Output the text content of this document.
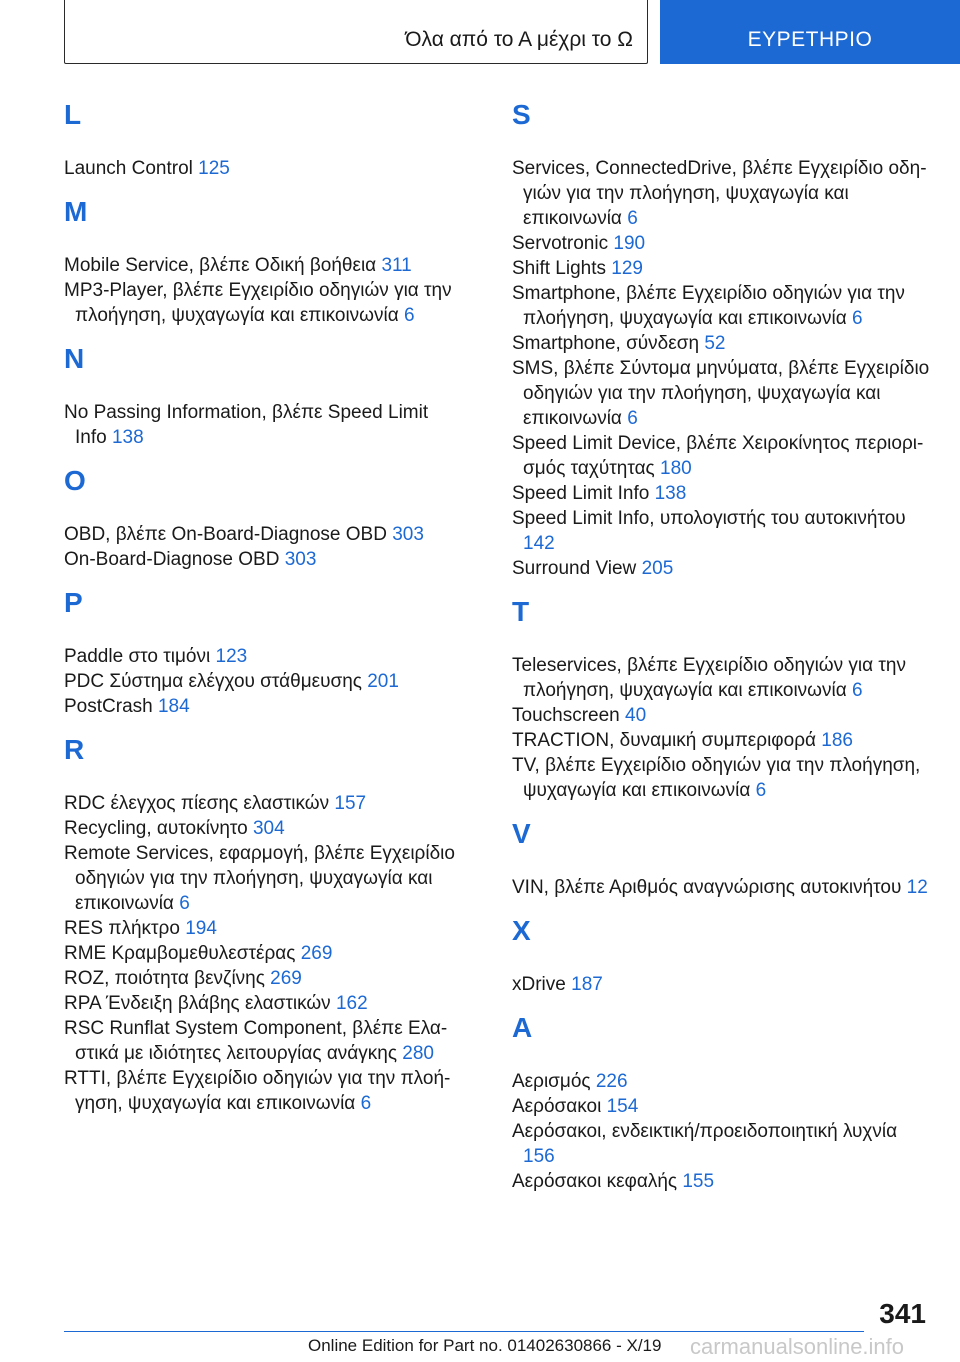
Όλα από το Α μέχρι το Ω	ΕΥΡΕΤΗΡΙΟ
L
Launch Control 125
M
Mobile Service, βλέπε Οδική βοήθεια 311
MP3-Player, βλέπε Εγχειρίδιο οδηγιών για την πλοήγηση, ψυχαγωγία και επικοινωνία 6
N
No Passing Information, βλέπε Speed Limit Info 138
O
OBD, βλέπε On-Board-Diagnose OBD 303
On-Board-Diagnose OBD 303
P
Paddle στο τιμόνι 123
PDC Σύστημα ελέγχου στάθμευσης 201
PostCrash 184
R
RDC έλεγχος πίεσης ελαστικών 157
Recycling, αυτοκίνητο 304
Remote Services, εφαρμογή, βλέπε Εγχειρίδιο οδηγιών για την πλοήγηση, ψυχαγωγία και επικοινωνία 6
RES πλήκτρο 194
RME Κραμβομεθυλεστέρας 269
ROZ, ποιότητα βενζίνης 269
RPA Ένδειξη βλάβης ελαστικών 162
RSC Runflat System Component, βλέπε Ελαστικά με ιδιότητες λειτουργίας ανάγκης 280
RTTI, βλέπε Εγχειρίδιο οδηγιών για την πλοήγηση, ψυχαγωγία και επικοινωνία 6
S
Services, ConnectedDrive, βλέπε Εγχειρίδιο οδηγιών για την πλοήγηση, ψυχαγωγία και επικοινωνία 6
Servotronic 190
Shift Lights 129
Smartphone, βλέπε Εγχειρίδιο οδηγιών για την πλοήγηση, ψυχαγωγία και επικοινωνία 6
Smartphone, σύνδεση 52
SMS, βλέπε Σύντομα μηνύματα, βλέπε Εγχειρίδιο οδηγιών για την πλοήγηση, ψυχαγωγία και επικοινωνία 6
Speed Limit Device, βλέπε Χειροκίνητος περιορισμός ταχύτητας 180
Speed Limit Info 138
Speed Limit Info, υπολογιστής του αυτοκινήτου 142
Surround View 205
T
Teleservices, βλέπε Εγχειρίδιο οδηγιών για την πλοήγηση, ψυχαγωγία και επικοινωνία 6
Touchscreen 40
TRACTION, δυναμική συμπεριφορά 186
TV, βλέπε Εγχειρίδιο οδηγιών για την πλοήγηση, ψυχαγωγία και επικοινωνία 6
V
VIN, βλέπε Αριθμός αναγνώρισης αυτοκινήτου 12
X
xDrive 187
A
Αερισμός 226
Αερόσακοι 154
Αερόσακοι, ενδεικτική/προειδοποιητική λυχνία 156
Αερόσακοι κεφαλής 155
341
Online Edition for Part no. 01402630866 - X/19 carmanualsonline.info
